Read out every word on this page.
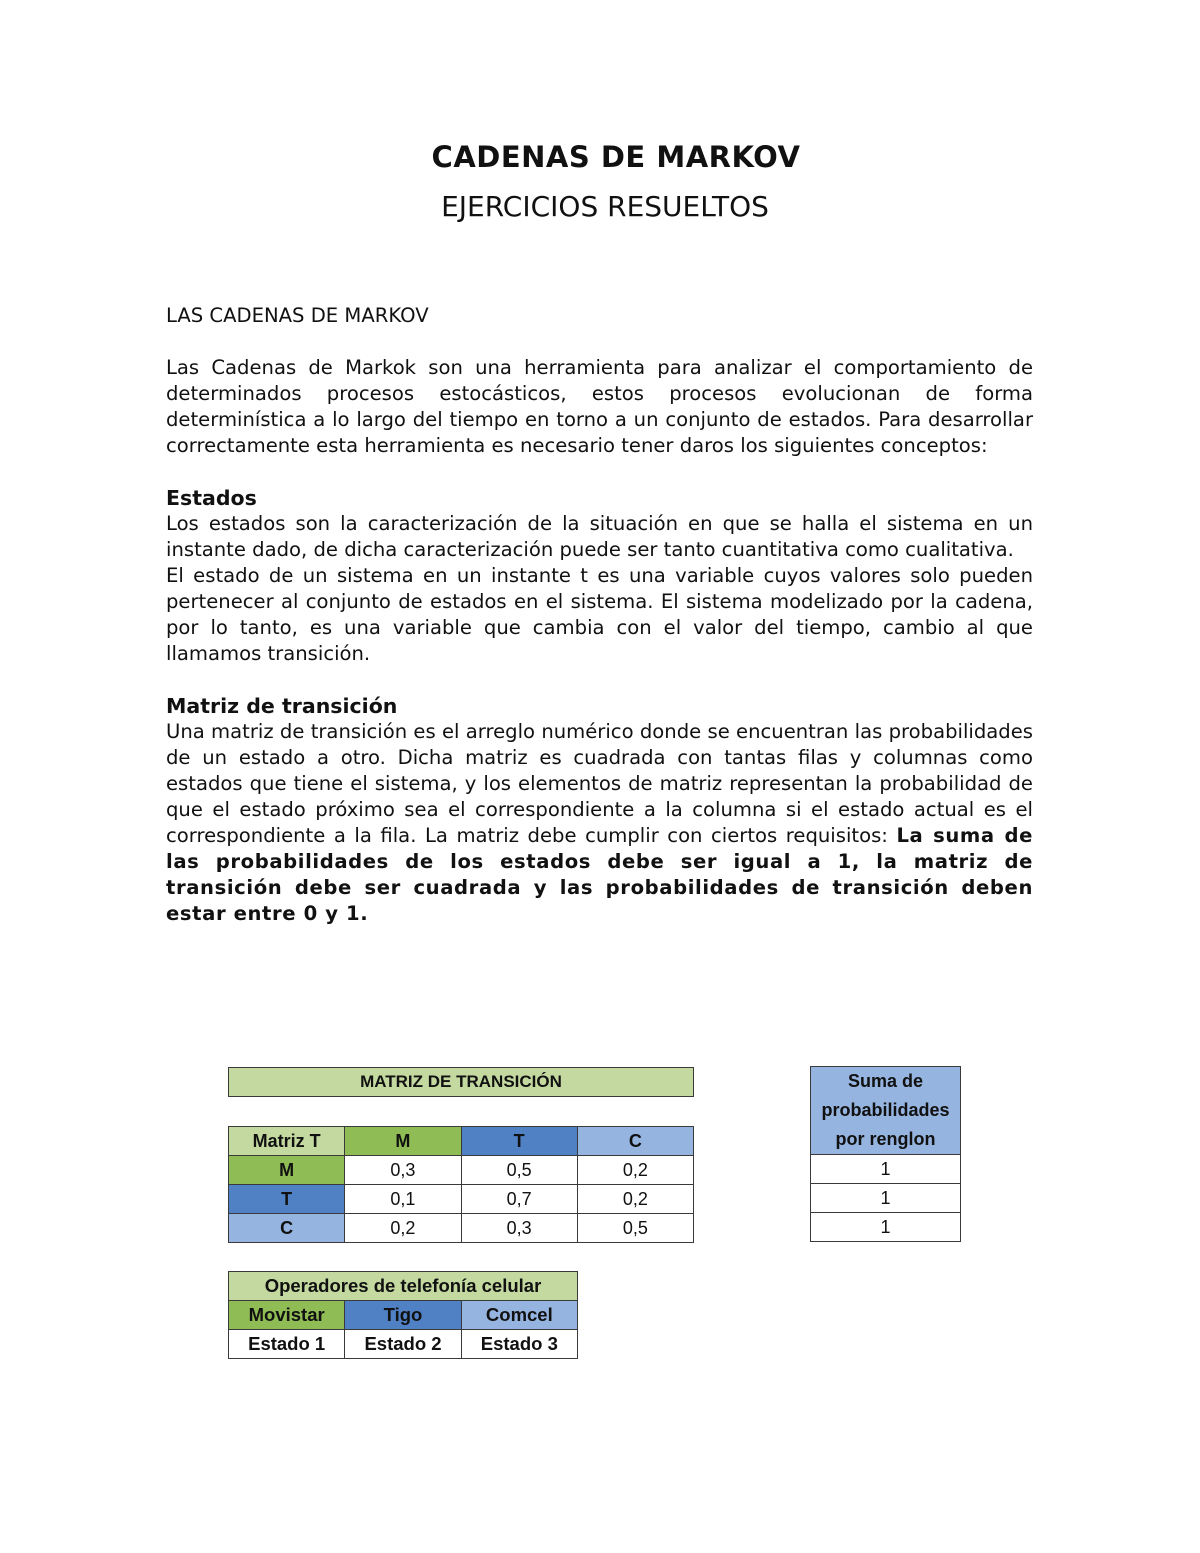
CADENAS DE MARKOV
EJERCICIOS RESUELTOS

LAS CADENAS DE MARKOV

Las Cadenas de Markok son una herramienta para analizar el comportamiento de determinados procesos estocásticos, estos procesos evolucionan de forma determinística a lo largo del tiempo en torno a un conjunto de estados. Para desarrollar correctamente esta herramienta es necesario tener daros los siguientes conceptos:

Estados

Los estados son la caracterización de la situación en que se halla el sistema en un instante dado, de dicha caracterización puede ser tanto cuantitativa como cualitativa.

El estado de un sistema en un instante t es una variable cuyos valores solo pueden pertenecer al conjunto de estados en el sistema. El sistema modelizado por la cadena, por lo tanto, es una variable que cambia con el valor del tiempo, cambio al que llamamos transición.

Matriz de transición

Una matriz de transición es el arreglo numérico donde se encuentran las probabilidades de un estado a otro. Dicha matriz es cuadrada con tantas filas y columnas como estados que tiene el sistema, y los elementos de matriz representan la probabilidad de que el estado próximo sea el correspondiente a la columna si el estado actual es el correspondiente a la fila. La matriz debe cumplir con ciertos requisitos: La suma de las probabilidades de los estados debe ser igual a 1, la matriz de transición debe ser cuadrada y las probabilidades de transición deben estar entre 0 y 1.

MATRIZ DE TRANSICIÓN
Matriz T	M	T	C
M	0,3	0,5	0,2
T	0,1	0,7	0,2
C	0,2	0,3	0,5
Suma de probabilidades por renglon
1
1
1
Operadores de telefonía celular		
Movistar	Tigo	Comcel
Estado 1	Estado 2	Estado 3
